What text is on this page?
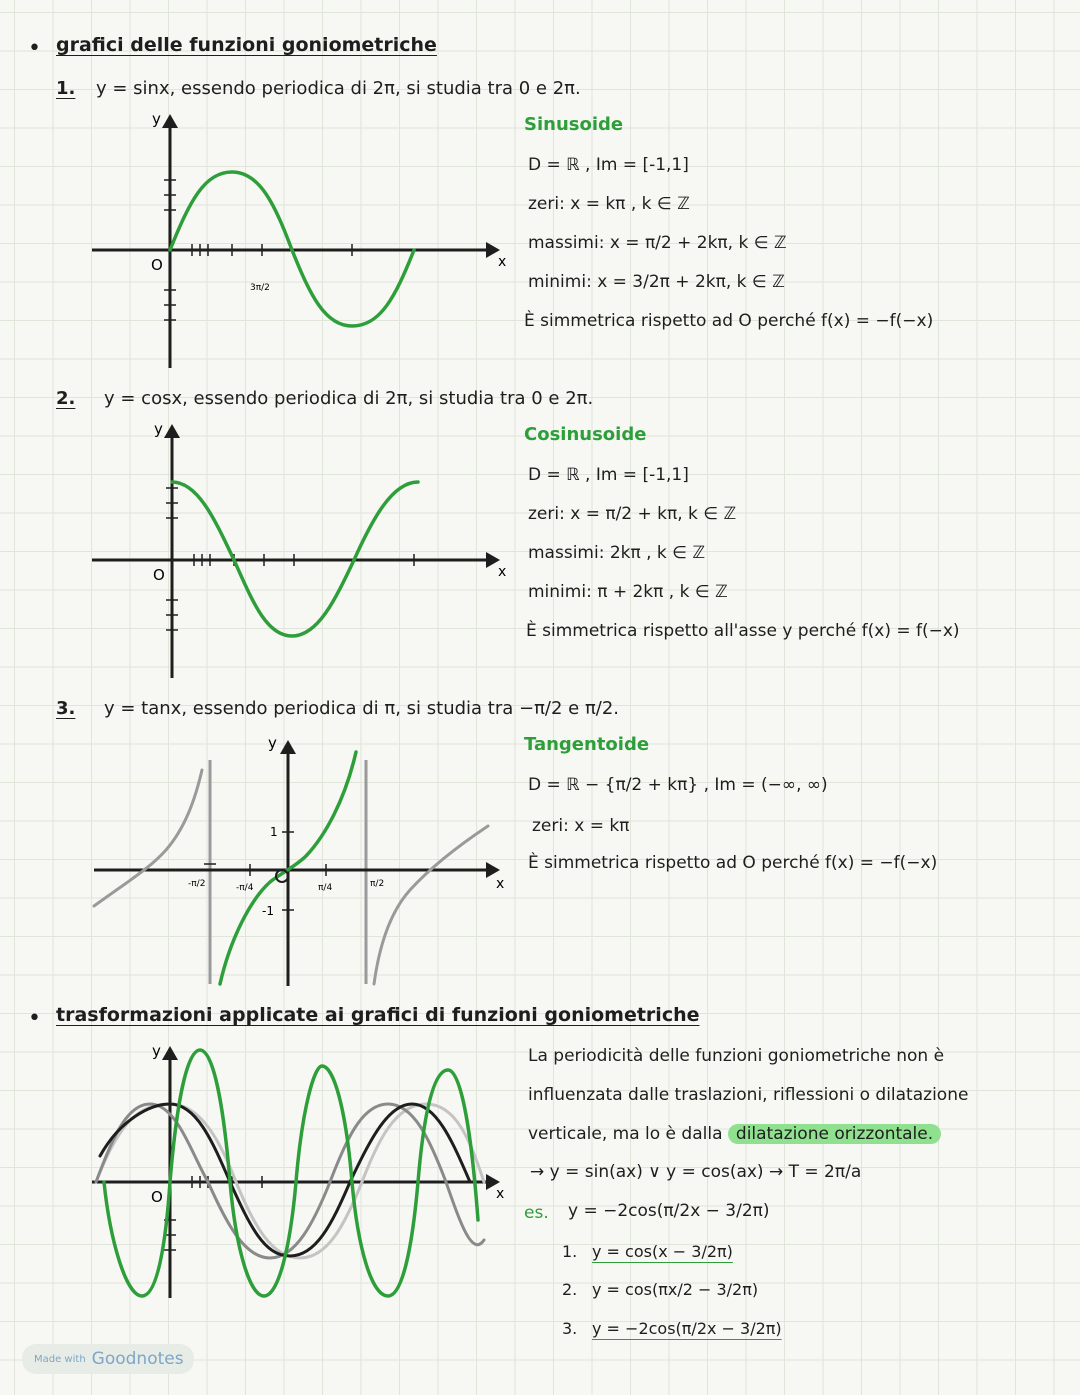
• grafici delle funzioni goniometriche
1. y = sinx, essendo periodica di 2π, si studia tra 0 e 2π.
y
x
O
3π/2
Sinusoide
D = ℝ , Im = [-1,1]
zeri: x = kπ , k ∈ ℤ
massimi: x = π/2 + 2kπ, k ∈ ℤ
minimi: x = 3/2π + 2kπ, k ∈ ℤ
È simmetrica rispetto ad O perché f(x) = −f(−x)
2. y = cosx, essendo periodica di 2π, si studia tra 0 e 2π.
y
x
O
Cosinusoide
D = ℝ , Im = [-1,1]
zeri: x = π/2 + kπ, k ∈ ℤ
massimi: 2kπ , k ∈ ℤ
minimi: π + 2kπ , k ∈ ℤ
È simmetrica rispetto all'asse y perché f(x) = f(−x)
3. y = tanx, essendo periodica di π, si studia tra −π/2 e π/2.
y
x
1
-1
-π/2	-π/4	π/4	π/2
Tangentoide
D = ℝ − {π/2 + kπ} , Im = (−∞, ∞)
zeri: x = kπ
È simmetrica rispetto ad O perché f(x) = −f(−x)
• trasformazioni applicate ai grafici di funzioni goniometriche
y
x
O
La periodicità delle funzioni goniometriche non è
influenzata dalle traslazioni, riflessioni o dilatazione
verticale, ma lo è dalla dilatazione orizzontale.
→ y = sin(ax) ∨ y = cos(ax) → T = 2π/a
es. y = −2cos(π/2x − 3/2π)
1. y = cos(x − 3/2π)
2. y = cos(πx/2 − 3/2π)
3. y = −2cos(π/2x − 3/2π)
Made with Goodnotes
